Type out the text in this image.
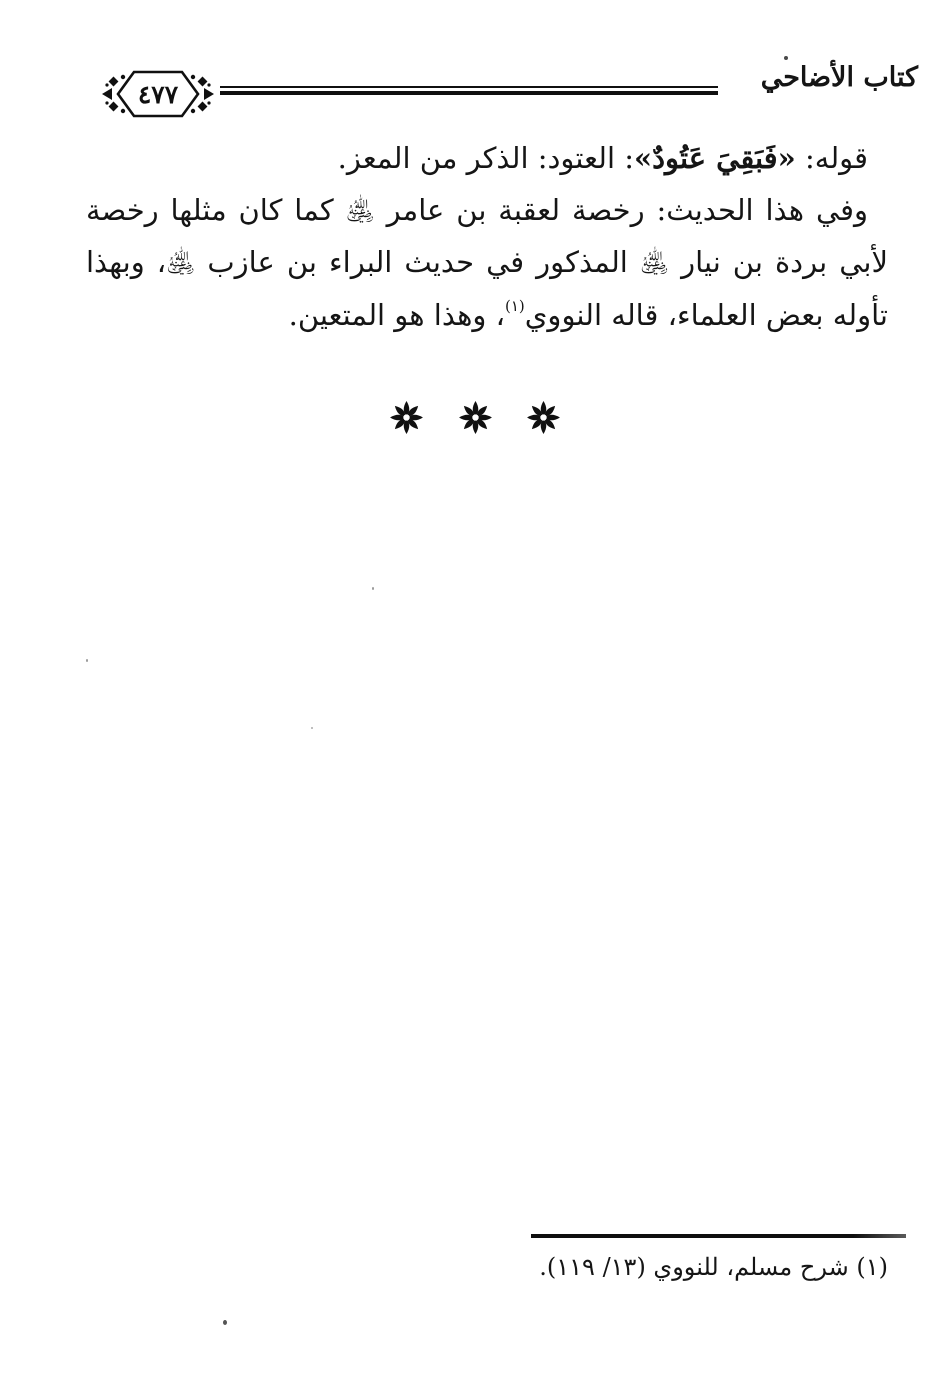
كتاب الأضاحي
٤٧٧

قوله: «فَبَقِيَ عَتُودٌ»: العتود: الذكر من المعز.

وفي هذا الحديث: رخصة لعقبة بن عامر ﵁ كما كان مثلها رخصة لأبي بردة بن نيار ﵁ المذكور في حديث البراء بن عازب ﵁، وبهذا تأوله بعض العلماء، قاله النووي$^{(١)}$، وهذا هو المتعين.

(١) شرح مسلم، للنووي (١٣/ ١١٩).
